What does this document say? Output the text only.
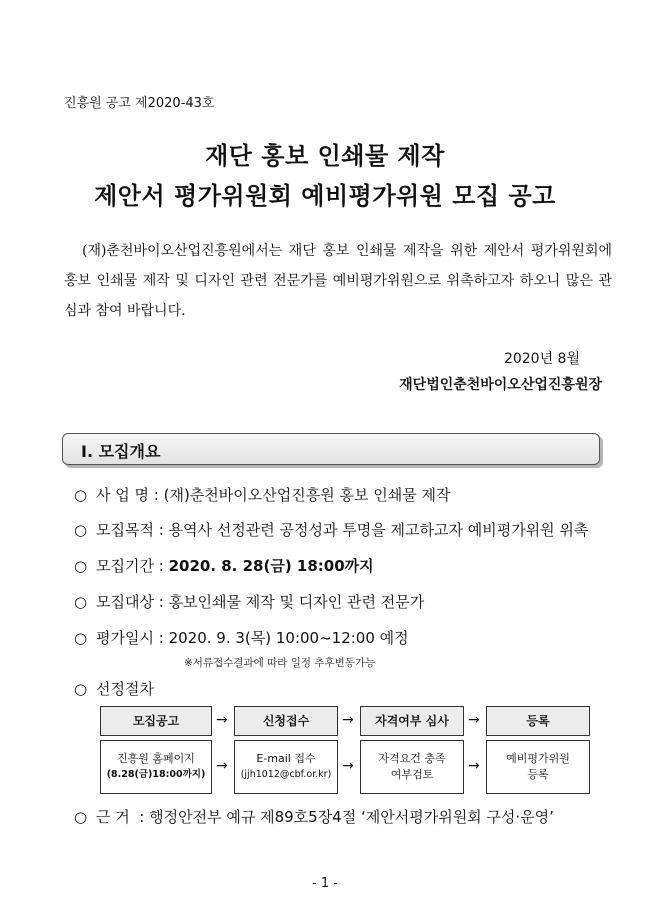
진흥원 공고 제2020-43호
재단 홍보 인쇄물 제작
제안서 평가위원회 예비평가위원 모집 공고
(재)춘천바이오산업진흥원에서는 재단 홍보 인쇄물 제작을 위한 제안서 평가위원회에 홍보 인쇄물 제작 및 디자인 관련 전문가를 예비평가위원으로 위촉하고자 하오니 많은 관심과 참여 바랍니다.
2020년 8월
재단법인춘천바이오산업진흥원장
Ⅰ. 모집개요
○ 사 업 명 : (재)춘천바이오산업진흥원 홍보 인쇄물 제작
○ 모집목적 : 용역사 선정관련 공정성과 투명을 제고하고자 예비평가위원 위촉
○ 모집기간 : 2020. 8. 28(금) 18:00까지
○ 모집대상 : 홍보인쇄물 제작 및 디자인 관련 전문가
○ 평가일시 : 2020. 9. 3(목) 10:00~12:00 예정
※서류접수결과에 따라 일정 추후변동가능
○ 선정절차
모집공고	신청접수	자격여부 심사	등록
→	→	→
진흥원 홈페이지
(8.28(금)18:00까지)
E-mail 접수
(jjh1012@cbf.or.kr)
자격요건 충족
여부검토
예비평가위원
등록
→	→	→
○ 근 거 : 행정안전부 예규 제89호5장4절 ‘제안서평가위원회 구성·운영’
- 1 -
